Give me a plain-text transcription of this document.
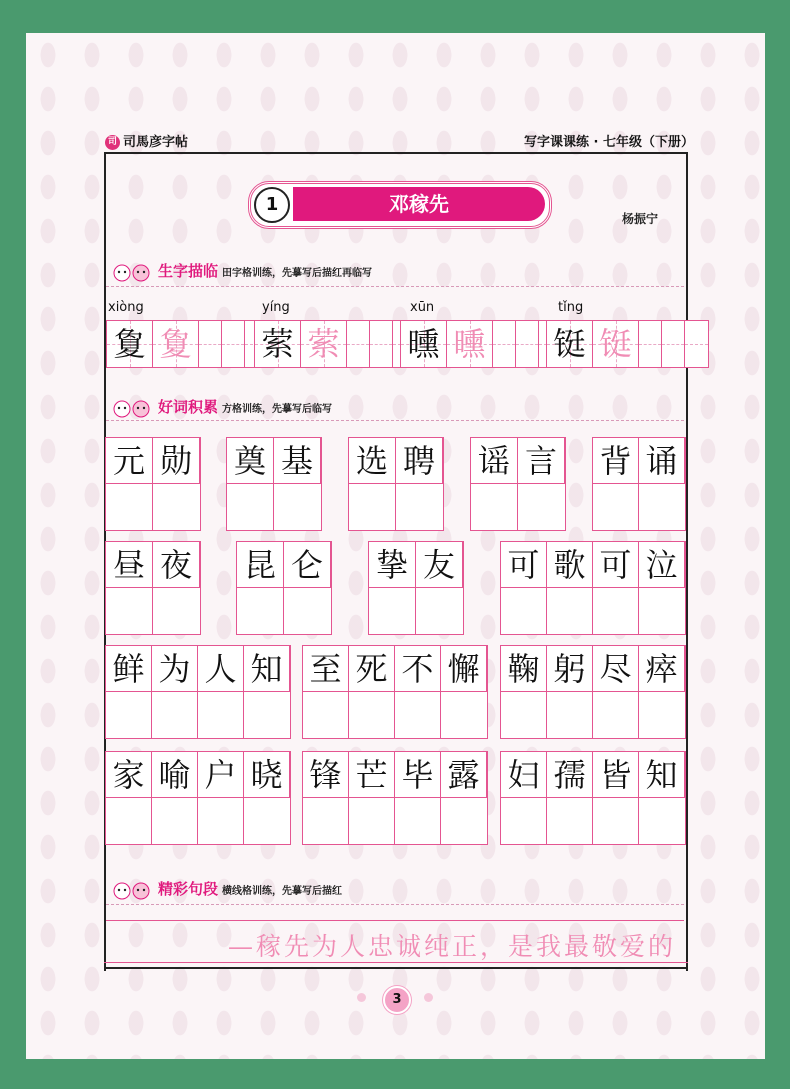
司 司馬彦字帖	写字课课练 · 七年级（下册）
1	邓稼先
杨振宁
生字描临 田字格训练，先摹写后描红再临写
xiòng	yíng	xūn	tǐng
夐 夐 萦 萦 曛 曛 铤 铤
好词积累 方格训练，先摹写后临写
元 勋 奠 基 选 聘 谣 言 背 诵
昼 夜 昆 仑 挚 友 可 歌 可 泣
鲜 为 人 知 至 死 不 懈 鞠 躬 尽 瘁
家 喻 户 晓 锋 芒 毕 露 妇 孺 皆 知
精彩句段 横线格训练，先摹写后描红
—稼先为人忠诚纯正，是我最敬爱的
3
